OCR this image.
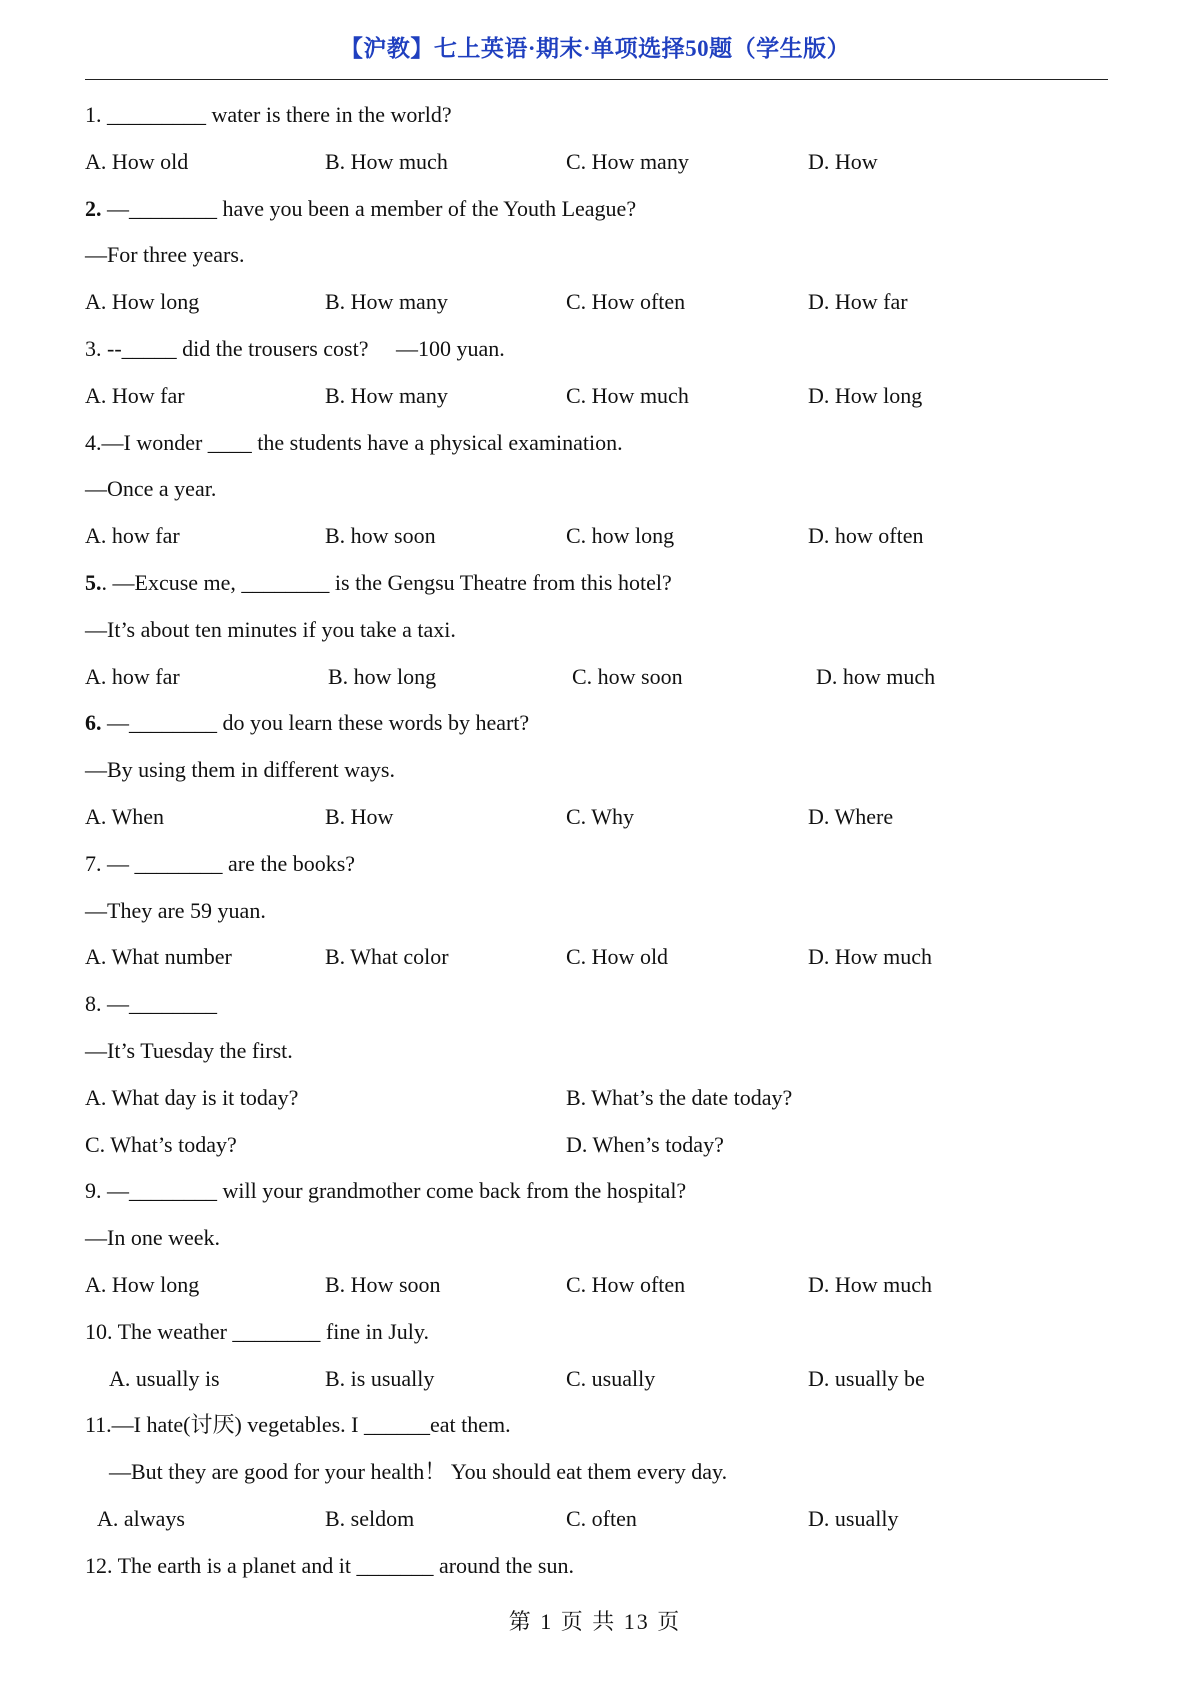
【沪教】七上英语·期末·单项选择50题（学生版）
1. _________ water is there in the world?
A. How old	B. How much	C. How many	D. How
2. —________ have you been a member of the Youth League?
—For three years.
A. How long	B. How many	C. How often	D. How far
3. --_____ did the trousers cost?     —100 yuan.
A. How far	B. How many	C. How much	D. How long
4.—I wonder ____ the students have a physical examination.
—Once a year.
A. how far	B. how soon	C. how long	D. how often
5.. —Excuse me, ________ is the Gengsu Theatre from this hotel?
—It’s about ten minutes if you take a taxi.
A. how far	B. how long	C. how soon	D. how much
6. —________ do you learn these words by heart?
—By using them in different ways.
A. When	B. How	C. Why	D. Where
7. — ________ are the books?
—They are 59 yuan.
A. What number	B. What color	C. How old	D. How much
8. —________
—It’s Tuesday the first.
A. What day is it today?	B. What’s the date today?
C. What’s today?	D. When’s today?
9. —________ will your grandmother come back from the hospital?
—In one week.
A. How long	B. How soon	C. How often	D. How much
10. The weather ________ fine in July.
A. usually is	B. is usually	C. usually	D. usually be
11.—I hate(讨厌) vegetables. I ______eat them.
—But they are good for your health！ You should eat them every day.
A. always	B. seldom	C. often	D. usually
12. The earth is a planet and it _______ around the sun.
第 1 页 共 13 页
